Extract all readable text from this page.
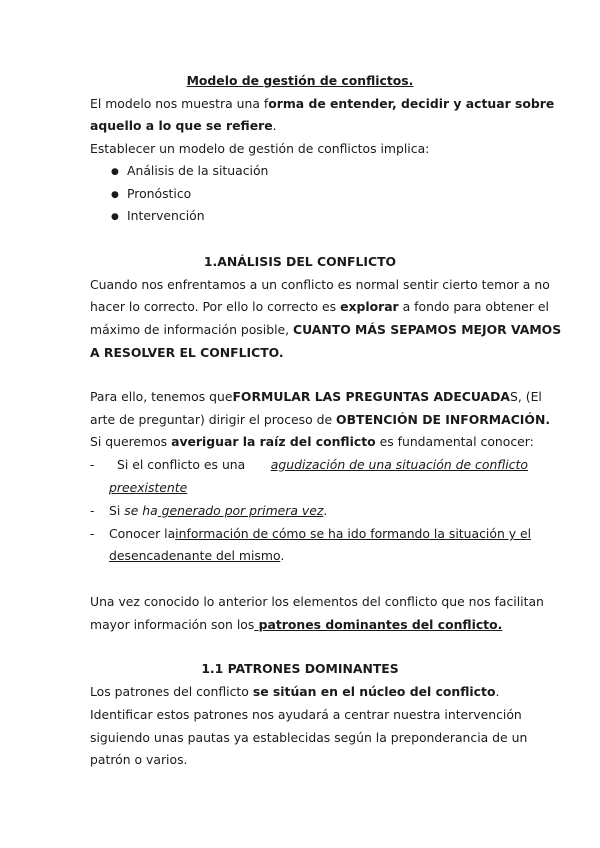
Modelo de gestión de conflictos.
El modelo nos muestra una forma de entender, decidir y actuar sobre
aquello a lo que se refiere.
Establecer un modelo de gestión de conflictos implica:
● Análisis de la situación
● Pronóstico
● Intervención
1.ANÁLISIS DEL CONFLICTO
Cuando nos enfrentamos a un conflicto es normal sentir cierto temor a no
hacer lo correcto. Por ello lo correcto es explorar a fondo para obtener el
máximo de información posible, CUANTO MÁS SEPAMOS MEJOR VAMOS
A RESOLVER EL CONFLICTO.
Para ello, tenemos que FORMULAR LAS PREGUNTAS ADECUADAS, (El
arte de preguntar) dirigir el proceso de OBTENCIÓN DE INFORMACIÓN.
Si queremos averiguar la raíz del conflicto es fundamental conocer:
- Si el conflicto es una agudización de una situación de conflicto
preexistente
- Si se ha generado por primera vez.
- Conocer la información de cómo se ha ido formando la situación y el
desencadenante del mismo.
Una vez conocido lo anterior los elementos del conflicto que nos facilitan
mayor información son los patrones dominantes del conflicto.
1.1 PATRONES DOMINANTES
Los patrones del conflicto se sitúan en el núcleo del conflicto.
Identificar estos patrones nos ayudará a centrar nuestra intervención
siguiendo unas pautas ya establecidas según la preponderancia de un
patrón o varios.
